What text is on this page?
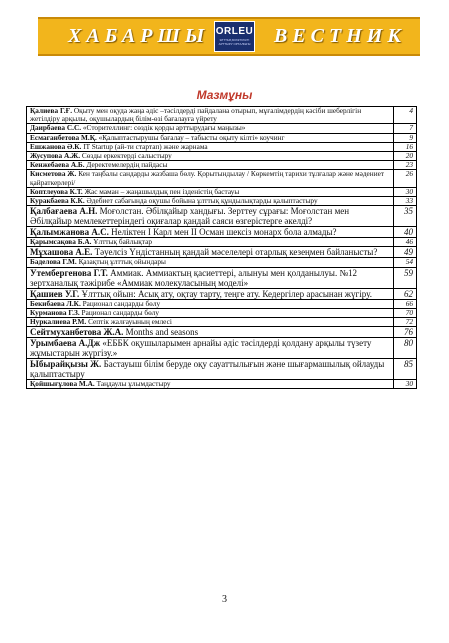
ХАБАРШЫ ORLEU
ҰЛТТЫҚ БІЛІКТІЛІКТІ АРТТЫРУ ОРТАЛЫҒЫ ВЕСТНИК
Мазмұны
Қалиева Г.Ғ. Оқыту мен оқуда жаңа әдіс –тәсілдерді пайдалана отырып, мұғалімдердің кәсіби шеберлігін жетілдіру арқылы, оқушылардың білім-өзі бағалауға үйрету	4
Даирбаева С.С. «Сторителлинг: сөздік қорды арттырудағы маңызы»	7
Есмаганбетова М.Қ. «Қалыптастырушы бағалау – табысты оқыту кілті» коучинг	9
Ешжанова Ә.К. IT Startup (ай-ти стартап) және жарнама	16
Жусупова А.Ж. Сөзды еркектерді салыстыру	20
Кенжебаева А.Б. Деректемелердің пайдасы	23
Кисметова Ж. Кен таңбалы сандарды жазбаша бөлу. Қорытындылау / Көркемтің тарихи тұлғалар және мәдениет қайраткерлері/	26
Коптлеуова К.Т. Жас маман – жаңашылдық пен ізденістің бастауы	30
Куракбаева К.К. Әдебиет сабағында оқушы бойына ұлттық құндылықтарды қалыптастыру	33
Қалбағаева А.Н. Моғолстан. Әбілқайыр хандығы. Зерттеу сұрағы: Моғолстан мен Әбілқайыр мемлекеттеріндегі оқиғалар қандай саяси өзгерістерге әкелді?	35
Қалымжанова А.С. Нелiктен I Карл мен II Осман шексiз монарх бола алмады?	40
Қарымсақова Б.А. Ұлттық байлықтар	46
Мұхашова А.Е. Тәуелсіз Үндістанның қандай мәселелері отарлық кезеңмен байланысты?	49
Баделова Г.М. Қазақтың ұлттық ойындары	54
Утембергенова Г.Т. Аммиак. Аммиактың қасиеттері, алынуы мен қолданылуы. №12 зертханалық тәжірибе «Аммиак молекуласының моделі»	59
Қашиев У.Г. Ұлттық ойын: Асық ату, оқтау тарту, теңге ату. Кедергілер арасынан жүгіру.	62
Бекибаева Л.К. Рационал сандарды бөлу	66
Курманова Г.З. Рационал сандарды бөлу	70
Нуркалиева Р.М. Септік жалғауының емлесі	72
Сейтмуханбетова Ж.А. Months and seasons	76
Урымбаева А.Дж «ЕББК оқушыларымен арнайы әдіс тәсілдерді қолдану арқылы түзету жұмыстарын жүргізу.»	80
Ыбырайқызы Ж. Бастауыш білім беруде оқу сауаттылығын және шығармашылық ойлауды қалыптастыру	85
Қойшығұлова М.А. Таңдаулы ұлымдастыру	30
3
